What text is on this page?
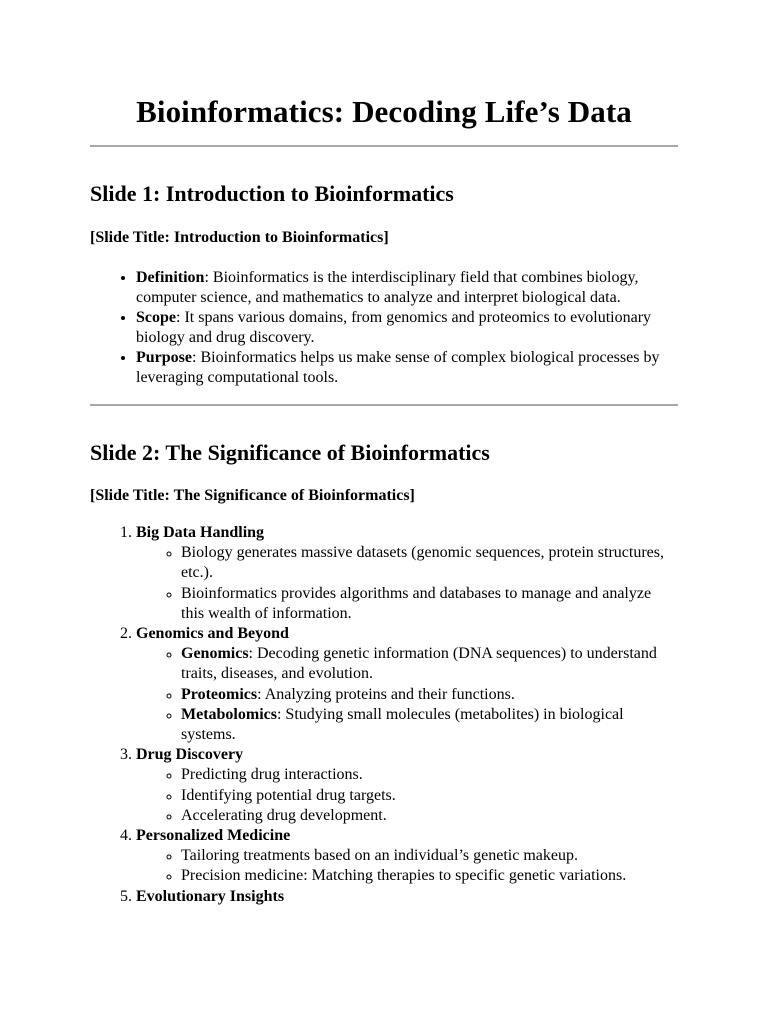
Bioinformatics: Decoding Life’s Data
Slide 1: Introduction to Bioinformatics

[Slide Title: Introduction to Bioinformatics]

• Definition: Bioinformatics is the interdisciplinary field that combines biology, computer science, and mathematics to analyze and interpret biological data.
• Scope: It spans various domains, from genomics and proteomics to evolutionary biology and drug discovery.
• Purpose: Bioinformatics helps us make sense of complex biological processes by leveraging computational tools.
Slide 2: The Significance of Bioinformatics

[Slide Title: The Significance of Bioinformatics]

1. Big Data Handling
◦ Biology generates massive datasets (genomic sequences, protein structures, etc.).
◦ Bioinformatics provides algorithms and databases to manage and analyze this wealth of information.
2. Genomics and Beyond
◦ Genomics: Decoding genetic information (DNA sequences) to understand traits, diseases, and evolution.
◦ Proteomics: Analyzing proteins and their functions.
◦ Metabolomics: Studying small molecules (metabolites) in biological systems.
3. Drug Discovery
◦ Predicting drug interactions.
◦ Identifying potential drug targets.
◦ Accelerating drug development.
4. Personalized Medicine
◦ Tailoring treatments based on an individual’s genetic makeup.
◦ Precision medicine: Matching therapies to specific genetic variations.
5. Evolutionary Insights
